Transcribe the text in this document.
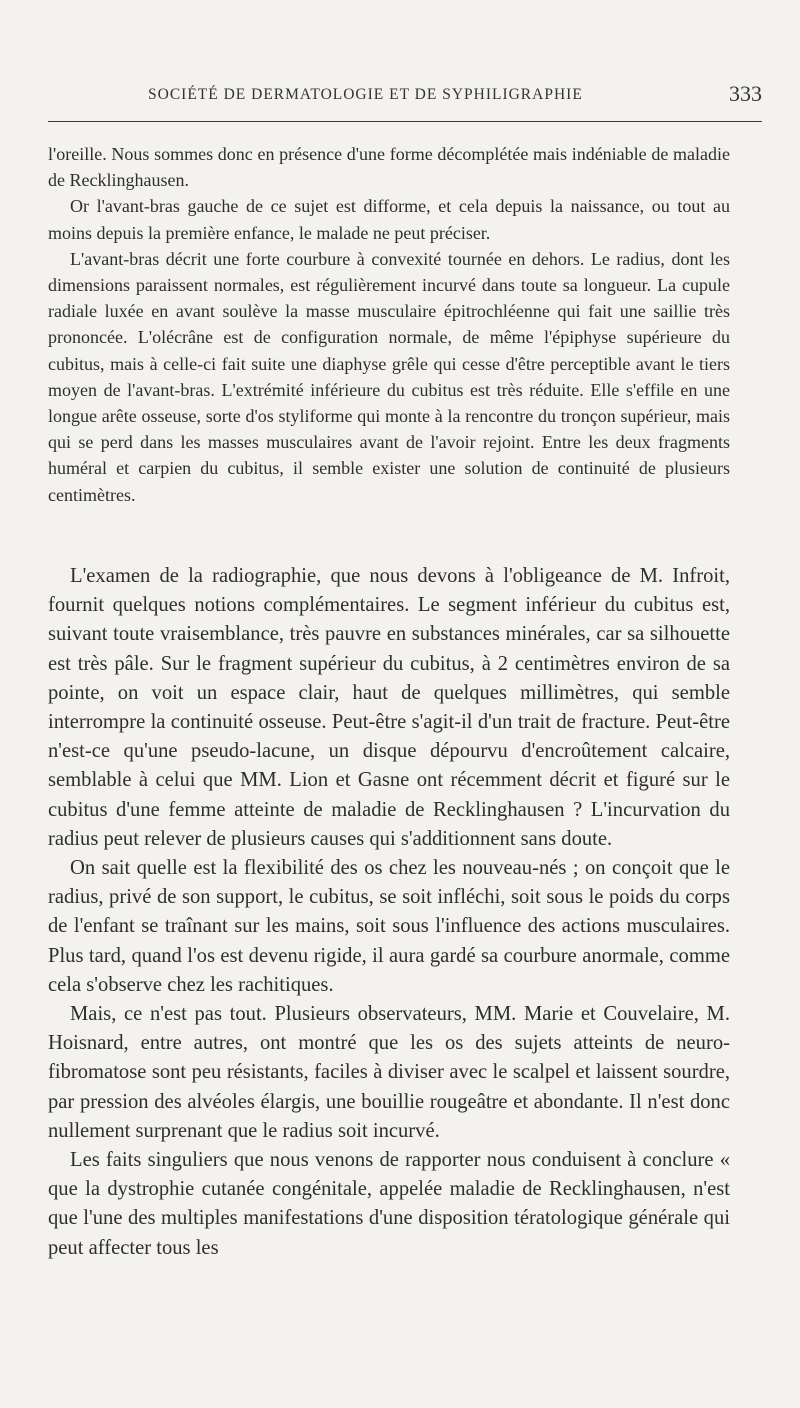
SOCIÉTÉ DE DERMATOLOGIE ET DE SYPHILIGRAPHIE	333

l'oreille. Nous sommes donc en présence d'une forme décomplétée mais indéniable de maladie de Recklinghausen.

Or l'avant-bras gauche de ce sujet est difforme, et cela depuis la naissance, ou tout au moins depuis la première enfance, le malade ne peut préciser.

L'avant-bras décrit une forte courbure à convexité tournée en dehors. Le radius, dont les dimensions paraissent normales, est régulièrement incurvé dans toute sa longueur. La cupule radiale luxée en avant soulève la masse musculaire épitrochléenne qui fait une saillie très prononcée. L'olécrâne est de configuration normale, de même l'épiphyse supérieure du cubitus, mais à celle-ci fait suite une diaphyse grêle qui cesse d'être perceptible avant le tiers moyen de l'avant-bras. L'extrémité inférieure du cubitus est très réduite. Elle s'effile en une longue arête osseuse, sorte d'os styliforme qui monte à la rencontre du tronçon supérieur, mais qui se perd dans les masses musculaires avant de l'avoir rejoint. Entre les deux fragments huméral et carpien du cubitus, il semble exister une solution de continuité de plusieurs centimètres.

L'examen de la radiographie, que nous devons à l'obligeance de M. Infroit, fournit quelques notions complémentaires. Le segment inférieur du cubitus est, suivant toute vraisemblance, très pauvre en substances minérales, car sa silhouette est très pâle. Sur le fragment supérieur du cubitus, à 2 centimètres environ de sa pointe, on voit un espace clair, haut de quelques millimètres, qui semble interrompre la continuité osseuse. Peut-être s'agit-il d'un trait de fracture. Peut-être n'est-ce qu'une pseudo-lacune, un disque dépourvu d'encroûtement calcaire, semblable à celui que MM. Lion et Gasne ont récemment décrit et figuré sur le cubitus d'une femme atteinte de maladie de Recklinghausen ? L'incurvation du radius peut relever de plusieurs causes qui s'additionnent sans doute.

On sait quelle est la flexibilité des os chez les nouveau-nés ; on conçoit que le radius, privé de son support, le cubitus, se soit infléchi, soit sous le poids du corps de l'enfant se traînant sur les mains, soit sous l'influence des actions musculaires. Plus tard, quand l'os est devenu rigide, il aura gardé sa courbure anormale, comme cela s'observe chez les rachitiques.

Mais, ce n'est pas tout. Plusieurs observateurs, MM. Marie et Couvelaire, M. Hoisnard, entre autres, ont montré que les os des sujets atteints de neuro-fibromatose sont peu résistants, faciles à diviser avec le scalpel et laissent sourdre, par pression des alvéoles élargis, une bouillie rougeâtre et abondante. Il n'est donc nullement surprenant que le radius soit incurvé.

Les faits singuliers que nous venons de rapporter nous conduisent à conclure « que la dystrophie cutanée congénitale, appelée maladie de Recklinghausen, n'est que l'une des multiples manifestations d'une disposition tératologique générale qui peut affecter tous les
